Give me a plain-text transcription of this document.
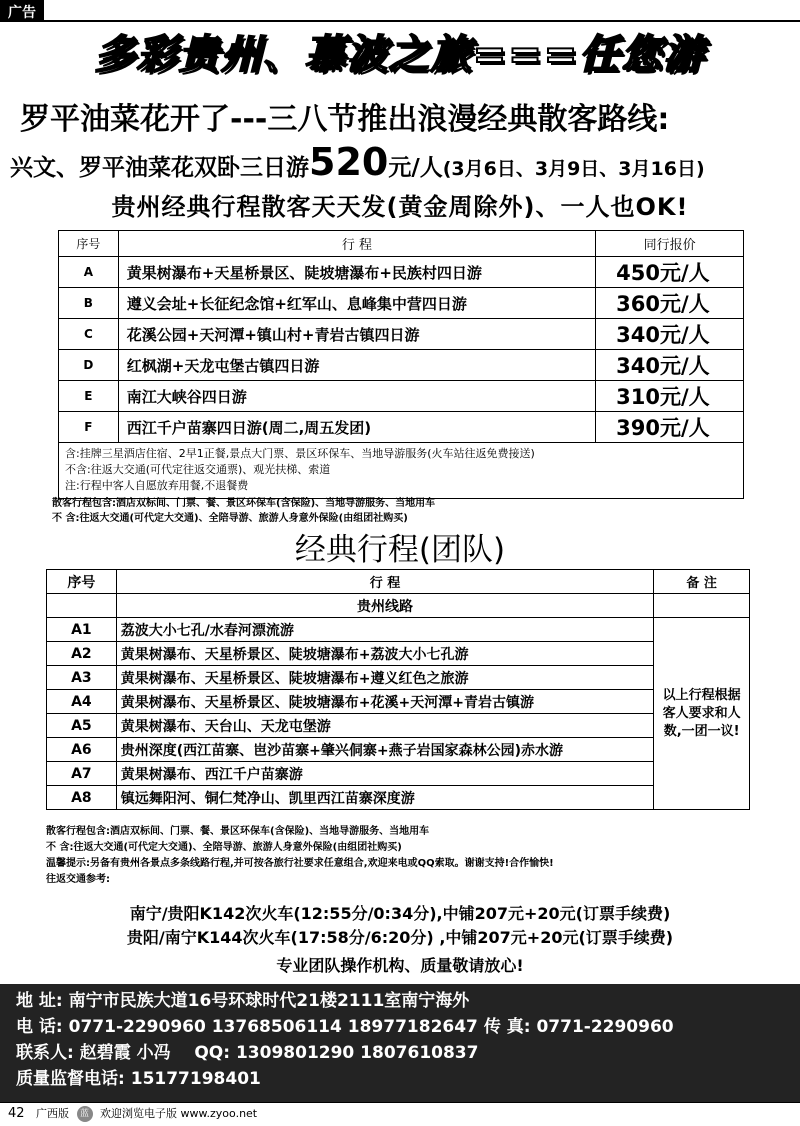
广告
多彩贵州、慕波之旅===任您游
罗平油菜花开了---三八节推出浪漫经典散客路线:
兴文、罗平油菜花双卧三日游520元/人(3月6日、3月9日、3月16日)
贵州经典行程散客天天发(黄金周除外)、一人也OK!
序号	行 程	同行报价
A	黄果树瀑布+天星桥景区、陡坡塘瀑布+民族村四日游	450元/人
B	遵义会址+长征纪念馆+红军山、息峰集中营四日游	360元/人
C	花溪公园+天河潭+镇山村+青岩古镇四日游	340元/人
D	红枫湖+天龙屯堡古镇四日游	340元/人
E	南江大峡谷四日游	310元/人
F	西江千户苗寨四日游(周二,周五发团)	390元/人

含:挂牌三星酒店住宿、2早1正餐,景点大门票、景区环保车、当地导游服务(火车站往返免费接送)
不含:往返大交通(可代定往返交通票)、观光扶梯、索道
注:行程中客人自愿放弃用餐,不退餐费		
散客行程包含:酒店双标间、门票、餐、景区环保车(含保险)、当地导游服务、当地用车
不 含:往返大交通(可代定大交通)、全陪导游、旅游人身意外保险(由组团社购买)
经典行程(团队)
序号	行 程	备 注
	贵州线路	
A1	荔波大小七孔/水春河漂流游	以上行程根据客人要求和人数,一团一议!
A2	黄果树瀑布、天星桥景区、陡坡塘瀑布+荔波大小七孔游	
A3	黄果树瀑布、天星桥景区、陡坡塘瀑布+遵义红色之旅游	
A4	黄果树瀑布、天星桥景区、陡坡塘瀑布+花溪+天河潭+青岩古镇游	
A5	黄果树瀑布、天台山、天龙屯堡游	
A6	贵州深度(西江苗寨、岜沙苗寨+肇兴侗寨+燕子岩国家森林公园)赤水游	
A7	黄果树瀑布、西江千户苗寨游	
A8	镇远舞阳河、铜仁梵净山、凯里西江苗寨深度游	
散客行程包含:酒店双标间、门票、餐、景区环保车(含保险)、当地导游服务、当地用车
不 含:往返大交通(可代定大交通)、全陪导游、旅游人身意外保险(由组团社购买)
温馨提示:另备有贵州各景点多条线路行程,并可按各旅行社要求任意组合,欢迎来电或QQ索取。谢谢支持!合作愉快!
往返交通参考:
南宁/贵阳K142次火车(12:55分/0:34分),中铺207元+20元(订票手续费)
贵阳/南宁K144次火车(17:58分/6:20分) ,中铺207元+20元(订票手续费)
专业团队操作机构、质量敬请放心!
地 址: 南宁市民族大道16号环球时代21楼2111室南宁海外
电 话: 0771-2290960 13768506114 18977182647 传 真: 0771-2290960
联系人: 赵碧霞 小冯 QQ: 1309801290 1807610837
质量监督电话: 15177198401
42 广西版 蓝 欢迎浏览电子版 www.zyoo.net
